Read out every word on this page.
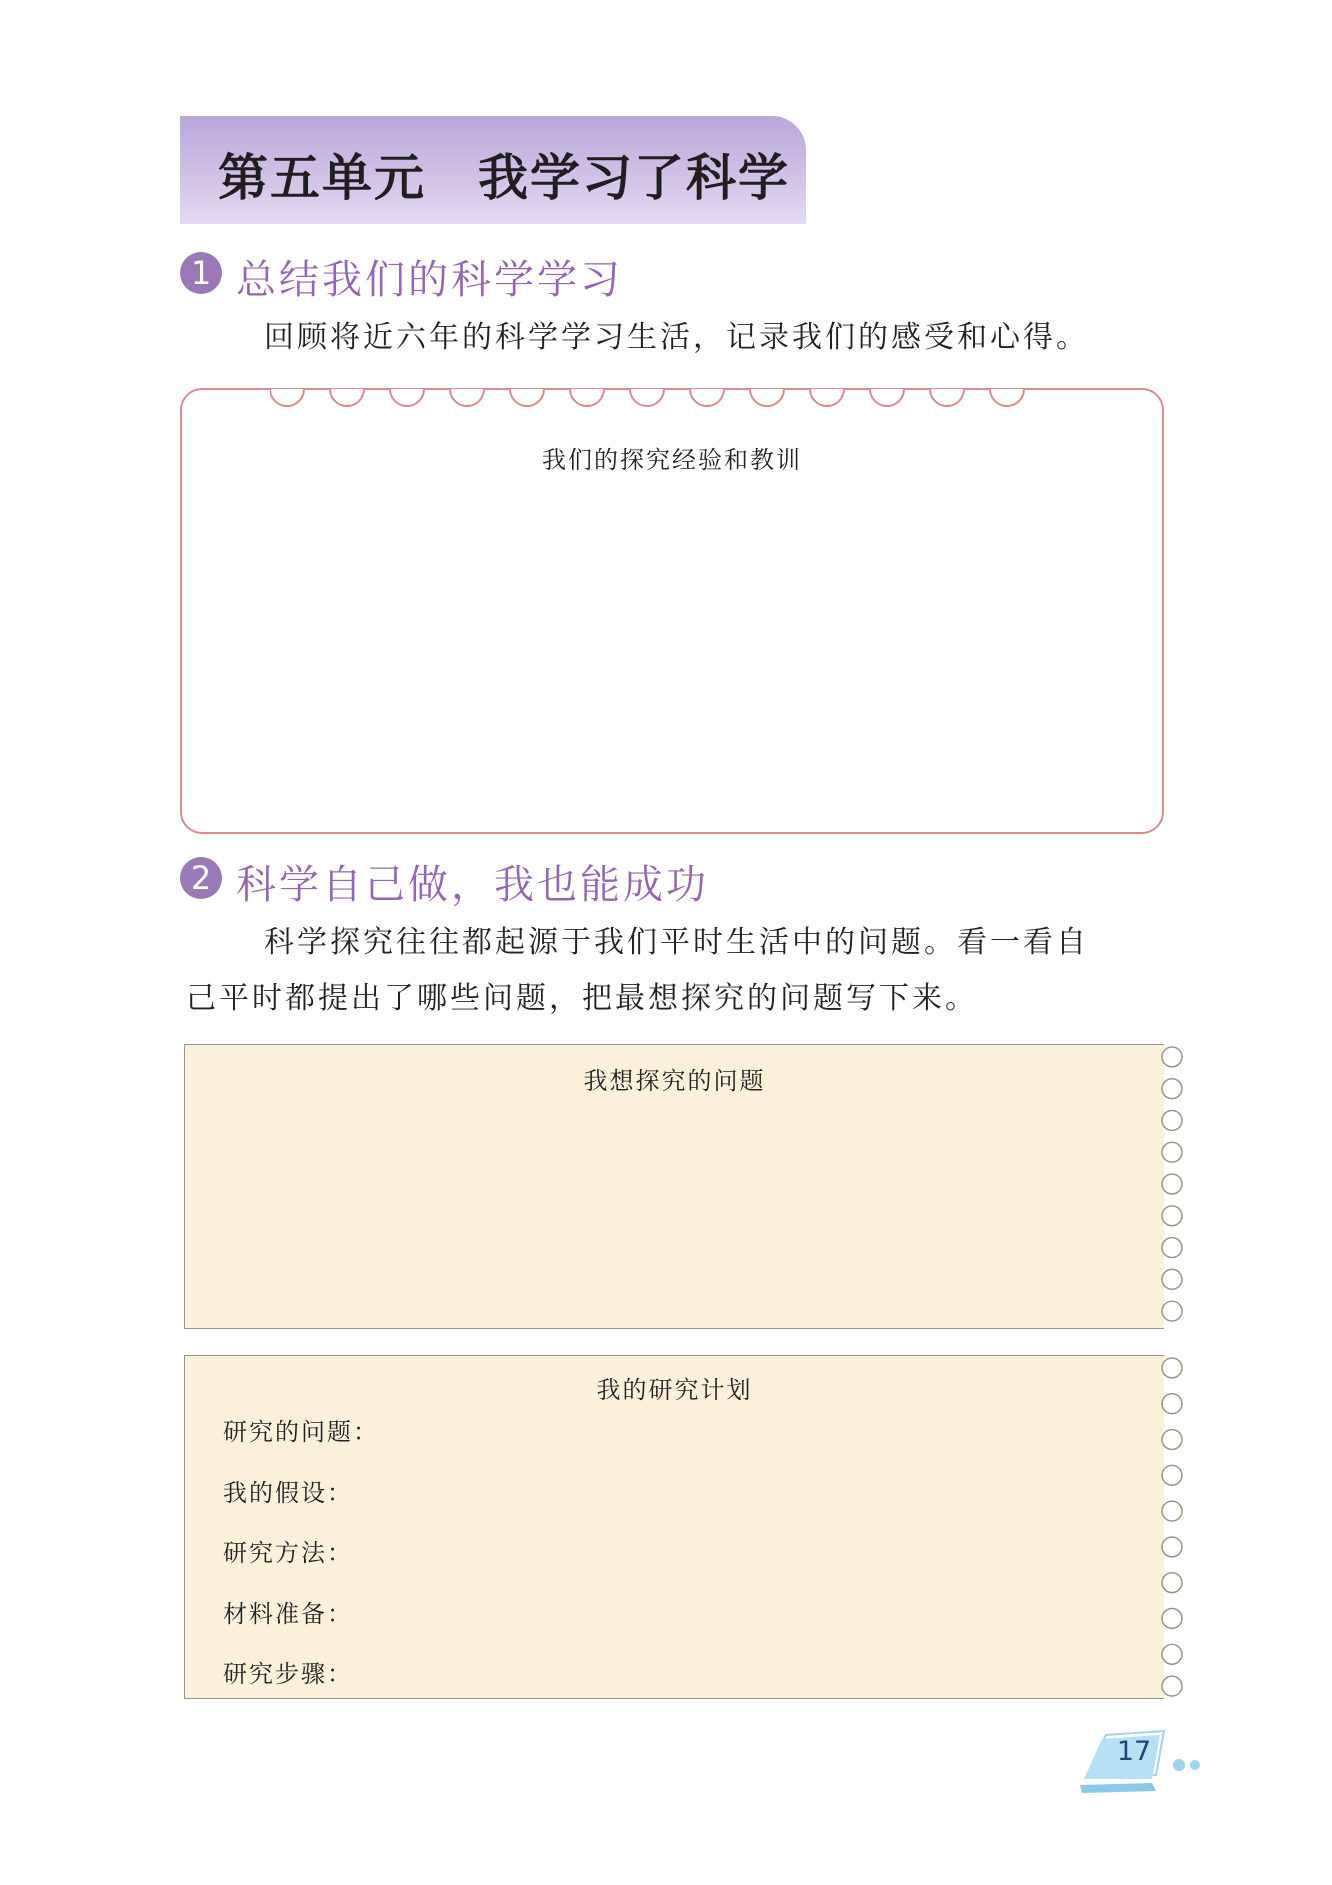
第五单元　我学习了科学
1 总结我们的科学学习

回顾将近六年的科学学习生活，记录我们的感受和心得。

我们的探究经验和教训
2 科学自己做，我也能成功

科学探究往往都起源于我们平时生活中的问题。看一看自

己平时都提出了哪些问题，把最想探究的问题写下来。

我想探究的问题
我的研究计划
研究的问题：
我的假设：
研究方法：
材料准备：
研究步骤：
17
